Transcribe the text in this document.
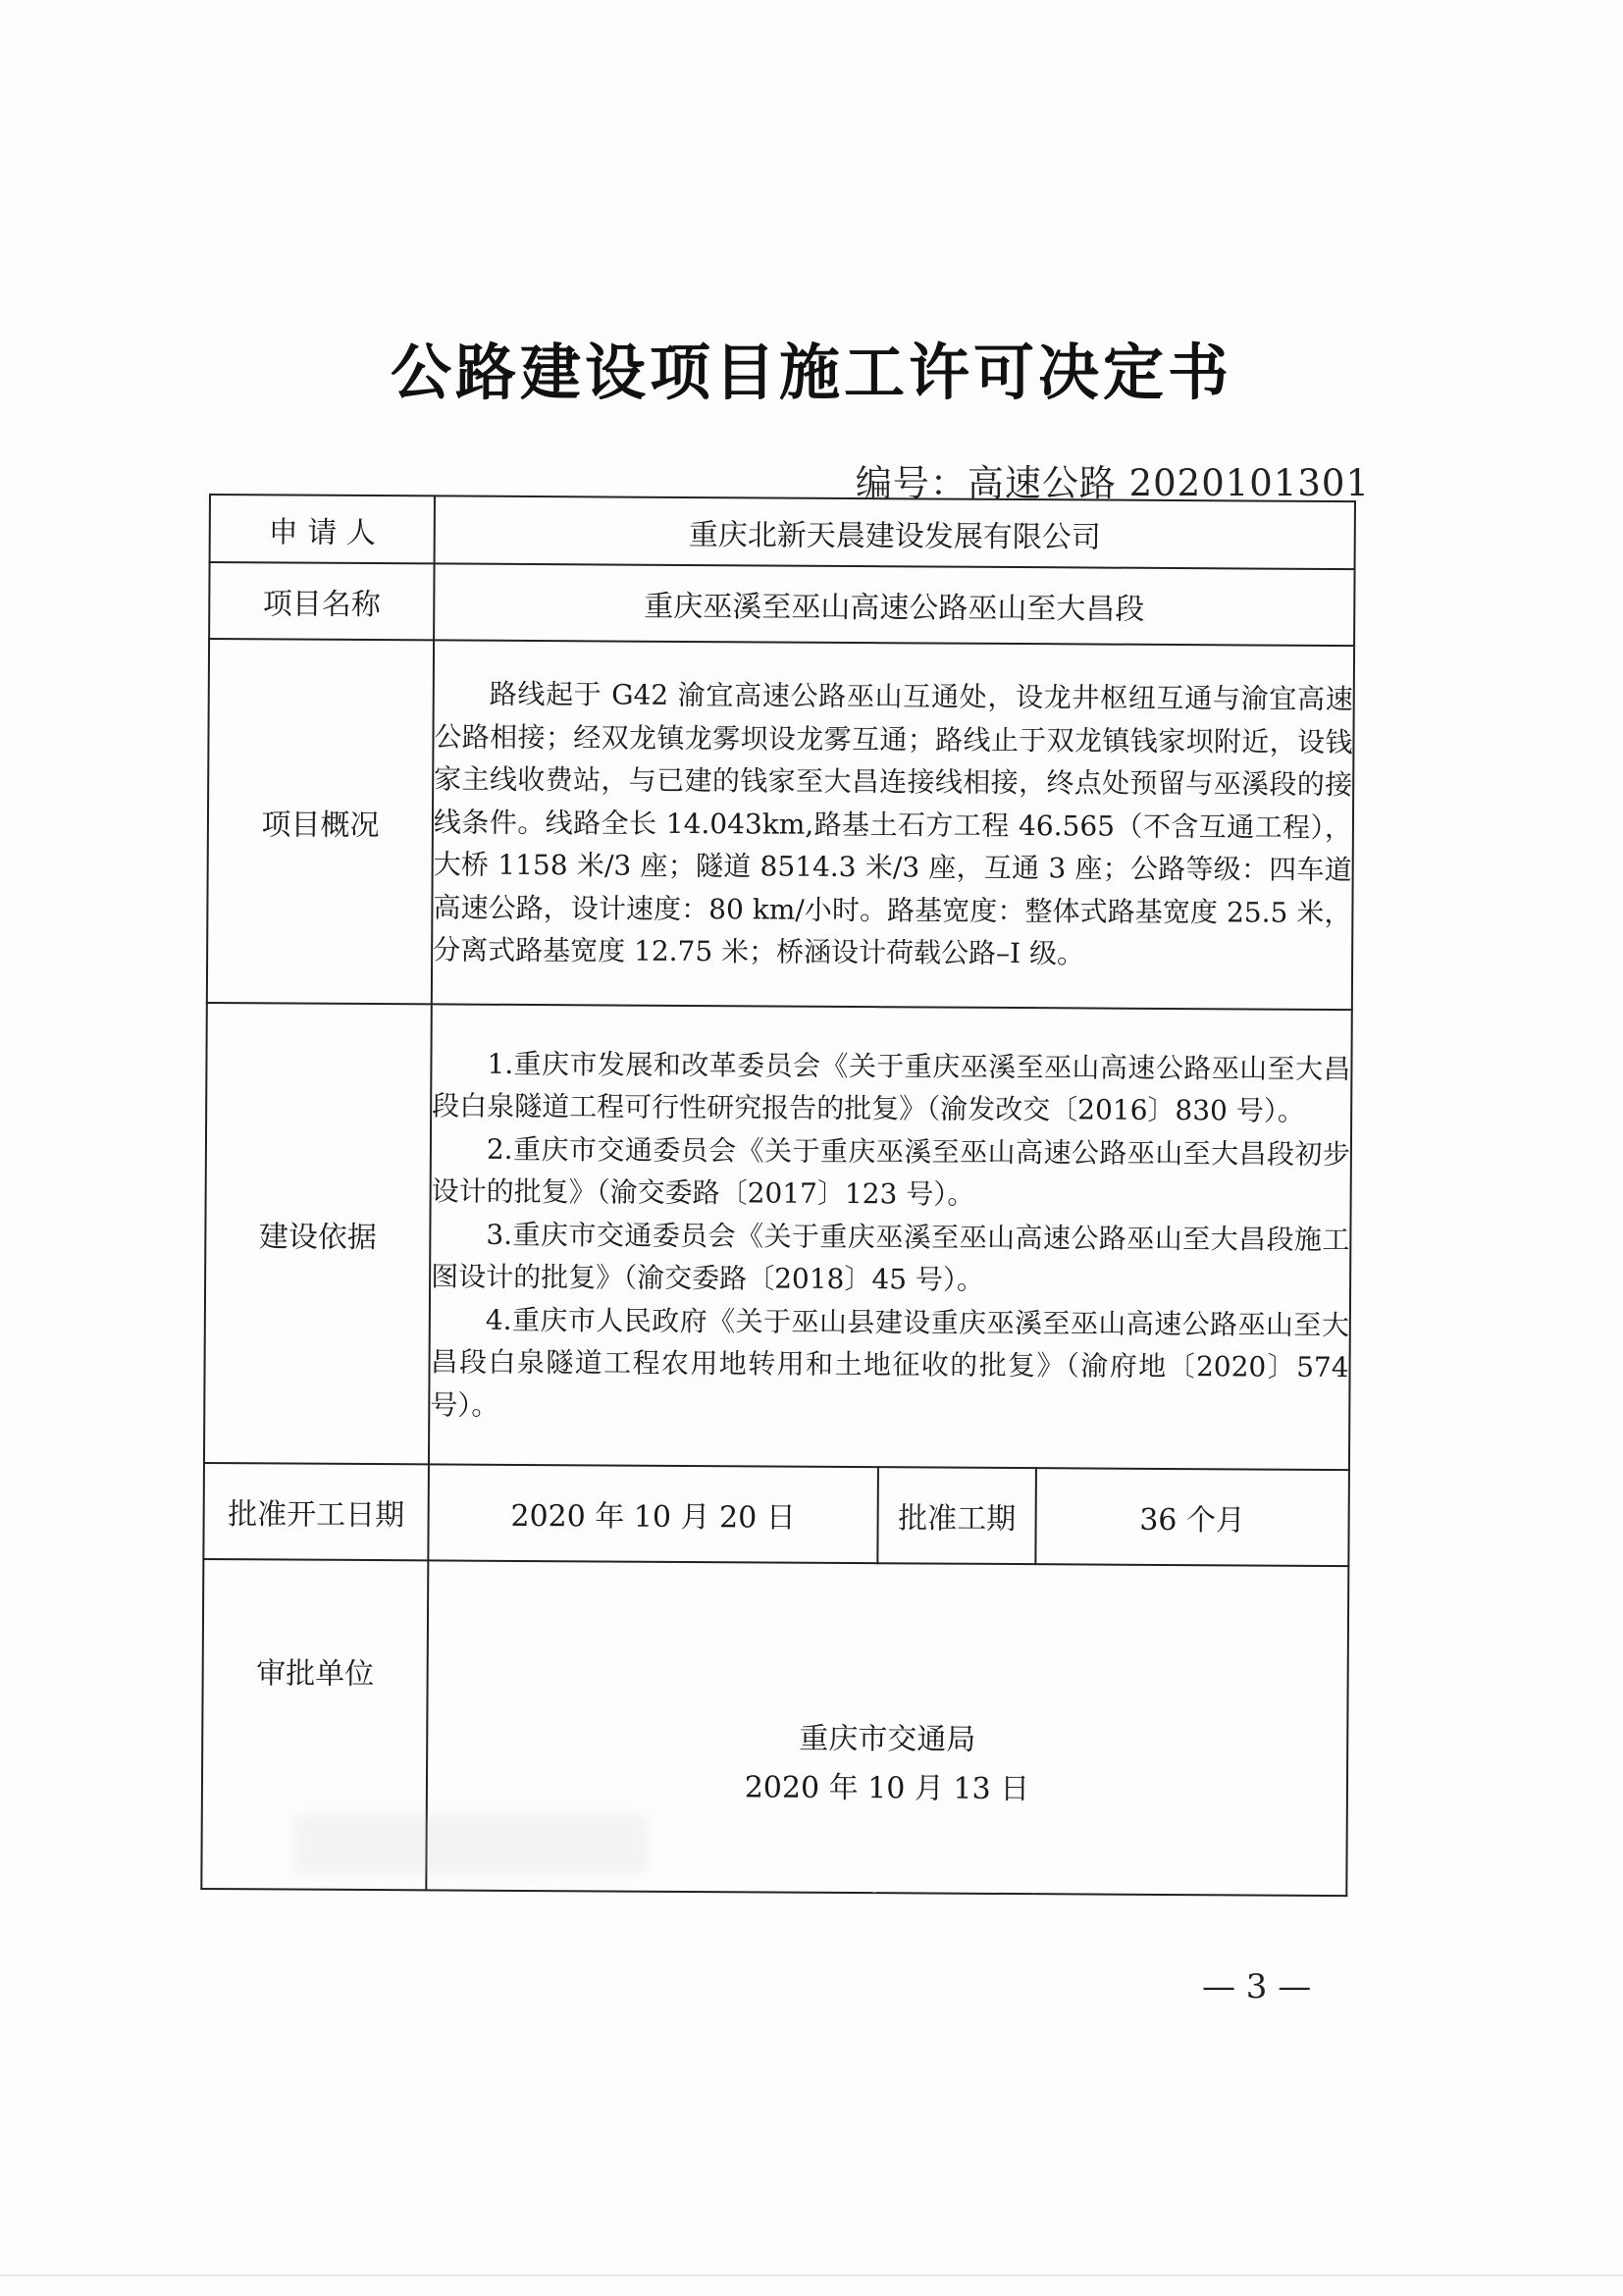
公路建设项目施工许可决定书
编号：高速公路 2020101301
申 请 人	重庆北新天晨建设发展有限公司		
项目名称	重庆巫溪至巫山高速公路巫山至大昌段		
项目概况	路线起于 G42 渝宜高速公路巫山互通处，设龙井枢纽互通与渝宜高速公路相接；经双龙镇龙雾坝设龙雾互通；路线止于双龙镇钱家坝附近，设钱家主线收费站，与已建的钱家至大昌连接线相接，终点处预留与巫溪段的接线条件。线路全长 14.043km,路基土石方工程 46.565（不含互通工程），大桥 1158 米/3 座；隧道 8514.3 米/3 座，互通 3 座；公路等级：四车道高速公路，设计速度：80 km/小时。路基宽度：整体式路基宽度 25.5 米，分离式路基宽度 12.75 米；桥涵设计荷载公路–I 级。		

建设依据	1.重庆市发展和改革委员会《关于重庆巫溪至巫山高速公路巫山至大昌段白泉隧道工程可行性研究报告的批复》（渝发改交〔2016〕830 号）。

2.重庆市交通委员会《关于重庆巫溪至巫山高速公路巫山至大昌段初步设计的批复》（渝交委路〔2017〕123 号）。

3.重庆市交通委员会《关于重庆巫溪至巫山高速公路巫山至大昌段施工图设计的批复》（渝交委路〔2018〕45 号）。

4.重庆市人民政府《关于巫山县建设重庆巫溪至巫山高速公路巫山至大昌段白泉隧道工程农用地转用和土地征收的批复》（渝府地〔2020〕574 号）。		

批准开工日期	2020 年 10 月 20 日	批准工期	36 个月
审批单位	重庆市交通局
2020 年 10 月 13 日		
— 3 —
